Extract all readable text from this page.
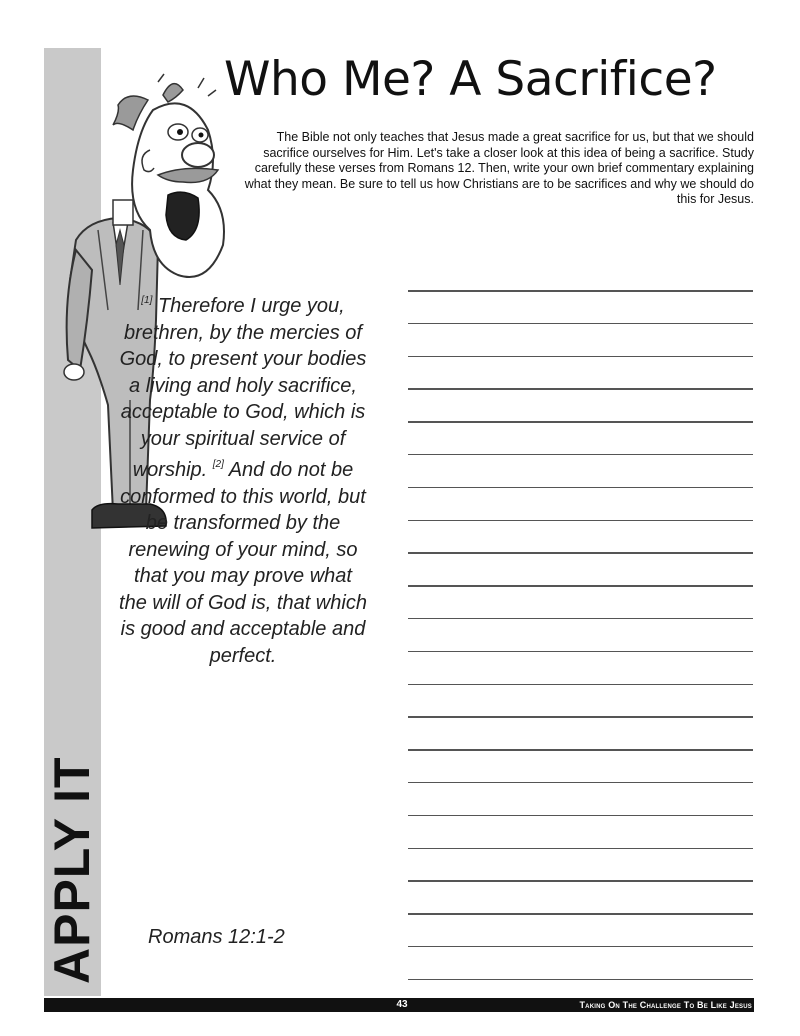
APPLY IT
Who Me? A Sacrifice?

The Bible not only teaches that Jesus made a great sacrifice for us, but that we should sacrifice ourselves for Him. Let's take a closer look at this idea of being a sacrifice. Study carefully these verses from Romans 12. Then, write your own brief commentary explaining what they mean. Be sure to tell us how Christians are to be sacrifices and why we should do this for Jesus.

[1] Therefore I urge you, brethren, by the mercies of God, to present your bodies a living and holy sacrifice, acceptable to God, which is your spiritual service of worship. [2] And do not be conformed to this world, but be transformed by the renewing of your mind, so that you may prove what the will of God is, that which is good and acceptable and perfect.
Romans 12:1-2
43	Taking On The Challenge To Be Like Jesus
